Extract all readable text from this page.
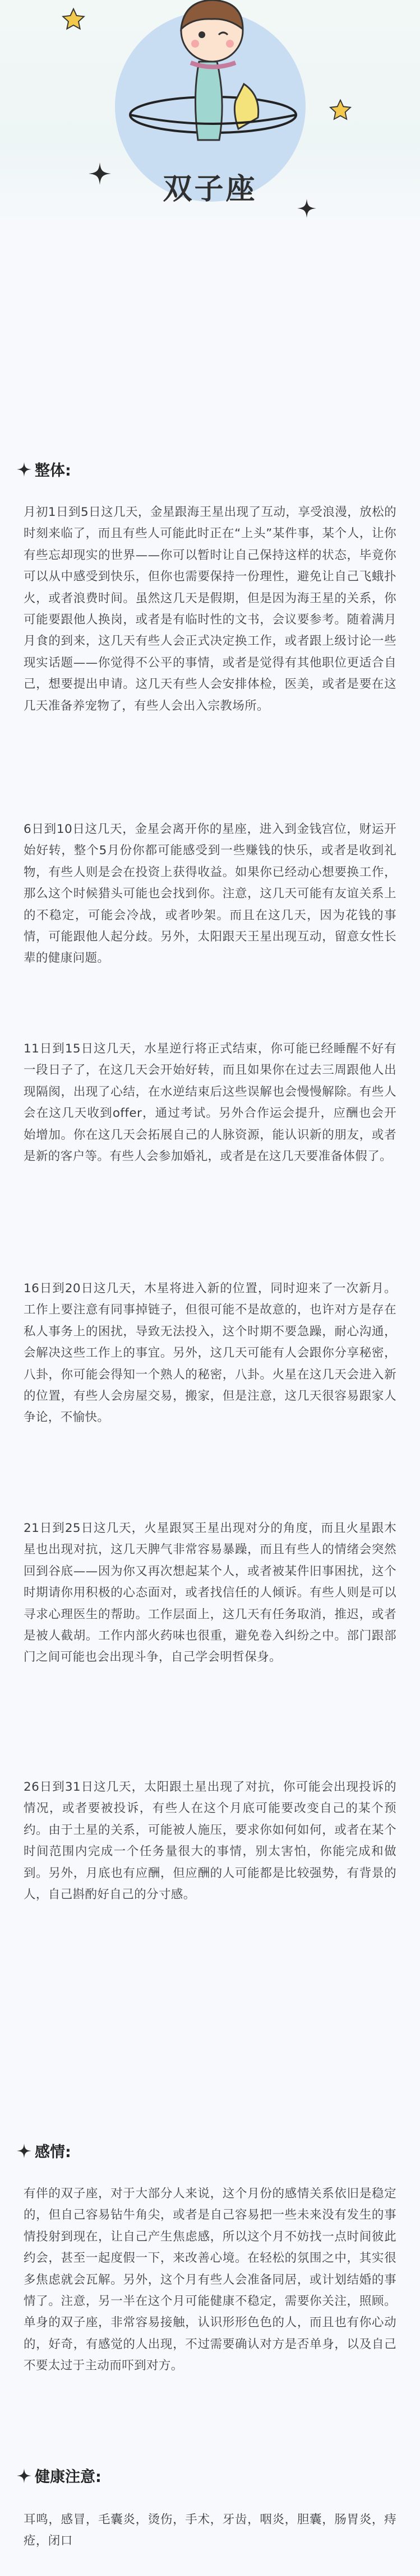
双子座
整体:

月初1日到5日这几天，金星跟海王星出现了互动，享受浪漫，放松的时刻来临了，而且有些人可能此时正在“上头”某件事，某个人，让你有些忘却现实的世界——你可以暂时让自己保持这样的状态，毕竟你可以从中感受到快乐，但你也需要保持一份理性，避免让自己飞蛾扑火，或者浪费时间。虽然这几天是假期，但是因为海王星的关系，你可能要跟他人换岗，或者是有临时性的文书，会议要参考。随着满月月食的到来，这几天有些人会正式决定换工作，或者跟上级讨论一些现实话题——你觉得不公平的事情，或者是觉得有其他职位更适合自己，想要提出申请。这几天有些人会安排体检，医美，或者是要在这几天准备养宠物了，有些人会出入宗教场所。

6日到10日这几天，金星会离开你的星座，进入到金钱宫位，财运开始好转，整个5月份你都可能感受到一些赚钱的快乐，或者是收到礼物，有些人则是会在投资上获得收益。如果你已经动心想要换工作，那么这个时候猎头可能也会找到你。注意，这几天可能有友谊关系上的不稳定，可能会冷战，或者吵架。而且在这几天，因为花钱的事情，可能跟他人起分歧。另外，太阳跟天王星出现互动，留意女性长辈的健康问题。

11日到15日这几天，水星逆行将正式结束，你可能已经睡醒不好有一段日子了，在这几天会开始好转，而且如果你在过去三周跟他人出现隔阂，出现了心结，在水逆结束后这些误解也会慢慢解除。有些人会在这几天收到offer，通过考试。另外合作运会提升，应酬也会开始增加。你在这几天会拓展自己的人脉资源，能认识新的朋友，或者是新的客户等。有些人会参加婚礼，或者是在这几天要准备体假了。

16日到20日这几天，木星将进入新的位置，同时迎来了一次新月。工作上要注意有同事掉链子，但很可能不是故意的，也许对方是存在私人事务上的困扰，导致无法投入，这个时期不要急躁，耐心沟通，会解决这些工作上的事宜。另外，这几天可能有人会跟你分享秘密，八卦，你可能会得知一个熟人的秘密，八卦。火星在这几天会进入新的位置，有些人会房屋交易，搬家，但是注意，这几天很容易跟家人争论，不愉快。

21日到25日这几天，火星跟冥王星出现对分的角度，而且火星跟木星也出现对抗，这几天脾气非常容易暴躁，而且有些人的情绪会突然回到谷底——因为你又再次想起某个人，或者被某件旧事困扰，这个时期请你用积极的心态面对，或者找信任的人倾诉。有些人则是可以寻求心理医生的帮助。工作层面上，这几天有任务取消，推迟，或者是被人截胡。工作内部火药味也很重，避免卷入纠纷之中。部门跟部门之间可能也会出现斗争，自己学会明哲保身。

26日到31日这几天，太阳跟土星出现了对抗，你可能会出现投诉的情况，或者要被投诉，有些人在这个月底可能要改变自己的某个预约。由于土星的关系，可能被人施压，要求你如何如何，或者在某个时间范围内完成一个任务量很大的事情，别太害怕，你能完成和做到。另外，月底也有应酬，但应酬的人可能都是比较强势，有背景的人，自己斟酌好自己的分寸感。

感情:

有伴的双子座，对于大部分人来说，这个月份的感情关系依旧是稳定的，但自己容易钻牛角尖，或者是自己容易把一些未来没有发生的事情投射到现在，让自己产生焦虑感，所以这个月不妨找一点时间彼此约会，甚至一起度假一下，来改善心境。在轻松的氛围之中，其实很多焦虑就会瓦解。另外，这个月有些人会准备同居，或计划结婚的事情了。注意，另一半在这个月可能健康不稳定，需要你关注，照顾。单身的双子座，非常容易接触，认识形形色色的人，而且也有你心动的，好奇，有感觉的人出现，不过需要确认对方是否单身，以及自己不要太过于主动而吓到对方。

健康注意:

耳鸣，感冒，毛囊炎，烫伤，手术，牙齿，咽炎，胆囊，肠胃炎，痔疮，闭口
